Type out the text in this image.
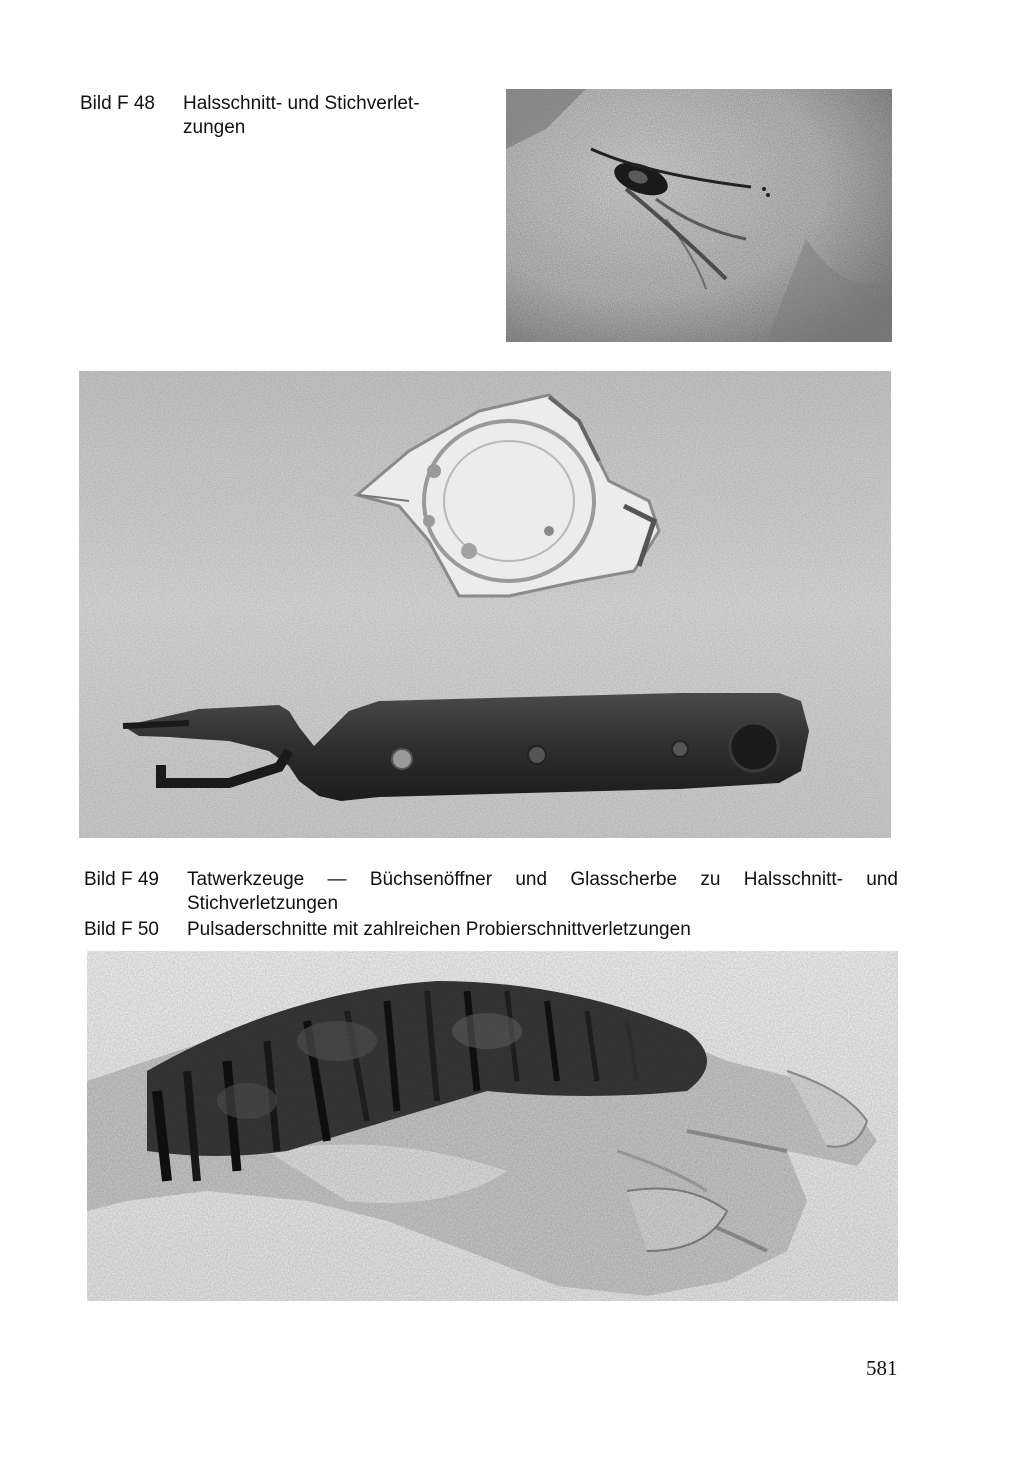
Bild F 48 Halsschnitt- und Stichverlet-
zungen
Bild F 49 Tatwerkzeuge — Büchsenöffner und Glasscherbe zu Halsschnitt- und
Stichverletzungen
Bild F 50 Pulsaderschnitte mit zahlreichen Probierschnittverletzungen
581
